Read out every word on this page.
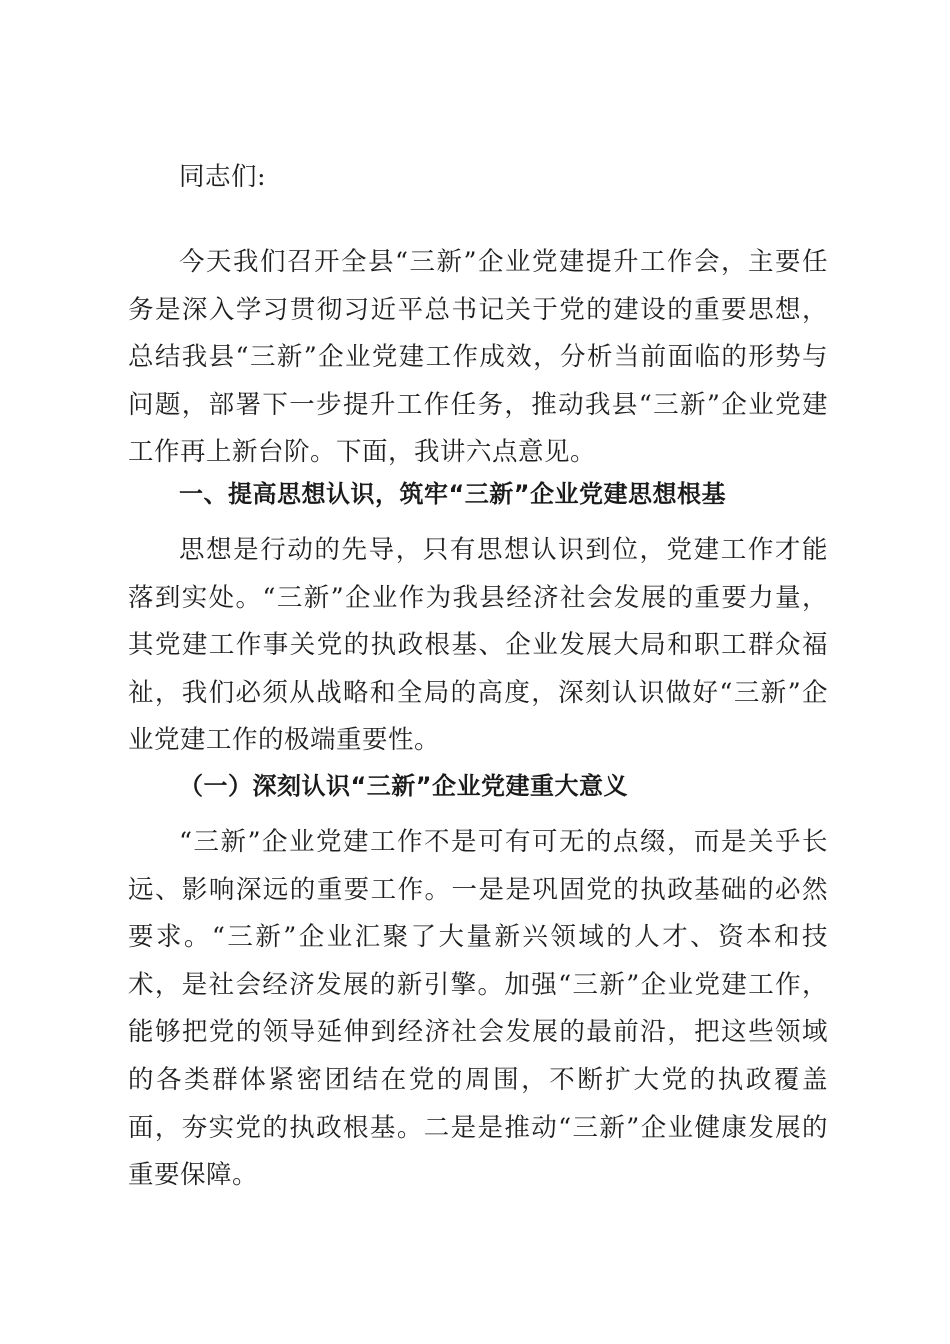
同志们:

今天我们召开全县“三新”企业党建提升工作会，主要任务是深入学习贯彻习近平总书记关于党的建设的重要思想，总结我县“三新”企业党建工作成效，分析当前面临的形势与问题，部署下一步提升工作任务，推动我县“三新”企业党建工作再上新台阶。下面，我讲六点意见。

一、提高思想认识，筑牢“三新”企业党建思想根基

思想是行动的先导，只有思想认识到位，党建工作才能落到实处。“三新”企业作为我县经济社会发展的重要力量，其党建工作事关党的执政根基、企业发展大局和职工群众福祉，我们必须从战略和全局的高度，深刻认识做好“三新”企业党建工作的极端重要性。

（一）深刻认识“三新”企业党建重大意义

“三新”企业党建工作不是可有可无的点缀，而是关乎长远、影响深远的重要工作。一是是巩固党的执政基础的必然要求。“三新”企业汇聚了大量新兴领域的人才、资本和技术，是社会经济发展的新引擎。加强“三新”企业党建工作，能够把党的领导延伸到经济社会发展的最前沿，把这些领域的各类群体紧密团结在党的周围，不断扩大党的执政覆盖面，夯实党的执政根基。二是是推动“三新”企业健康发展的重要保障。
